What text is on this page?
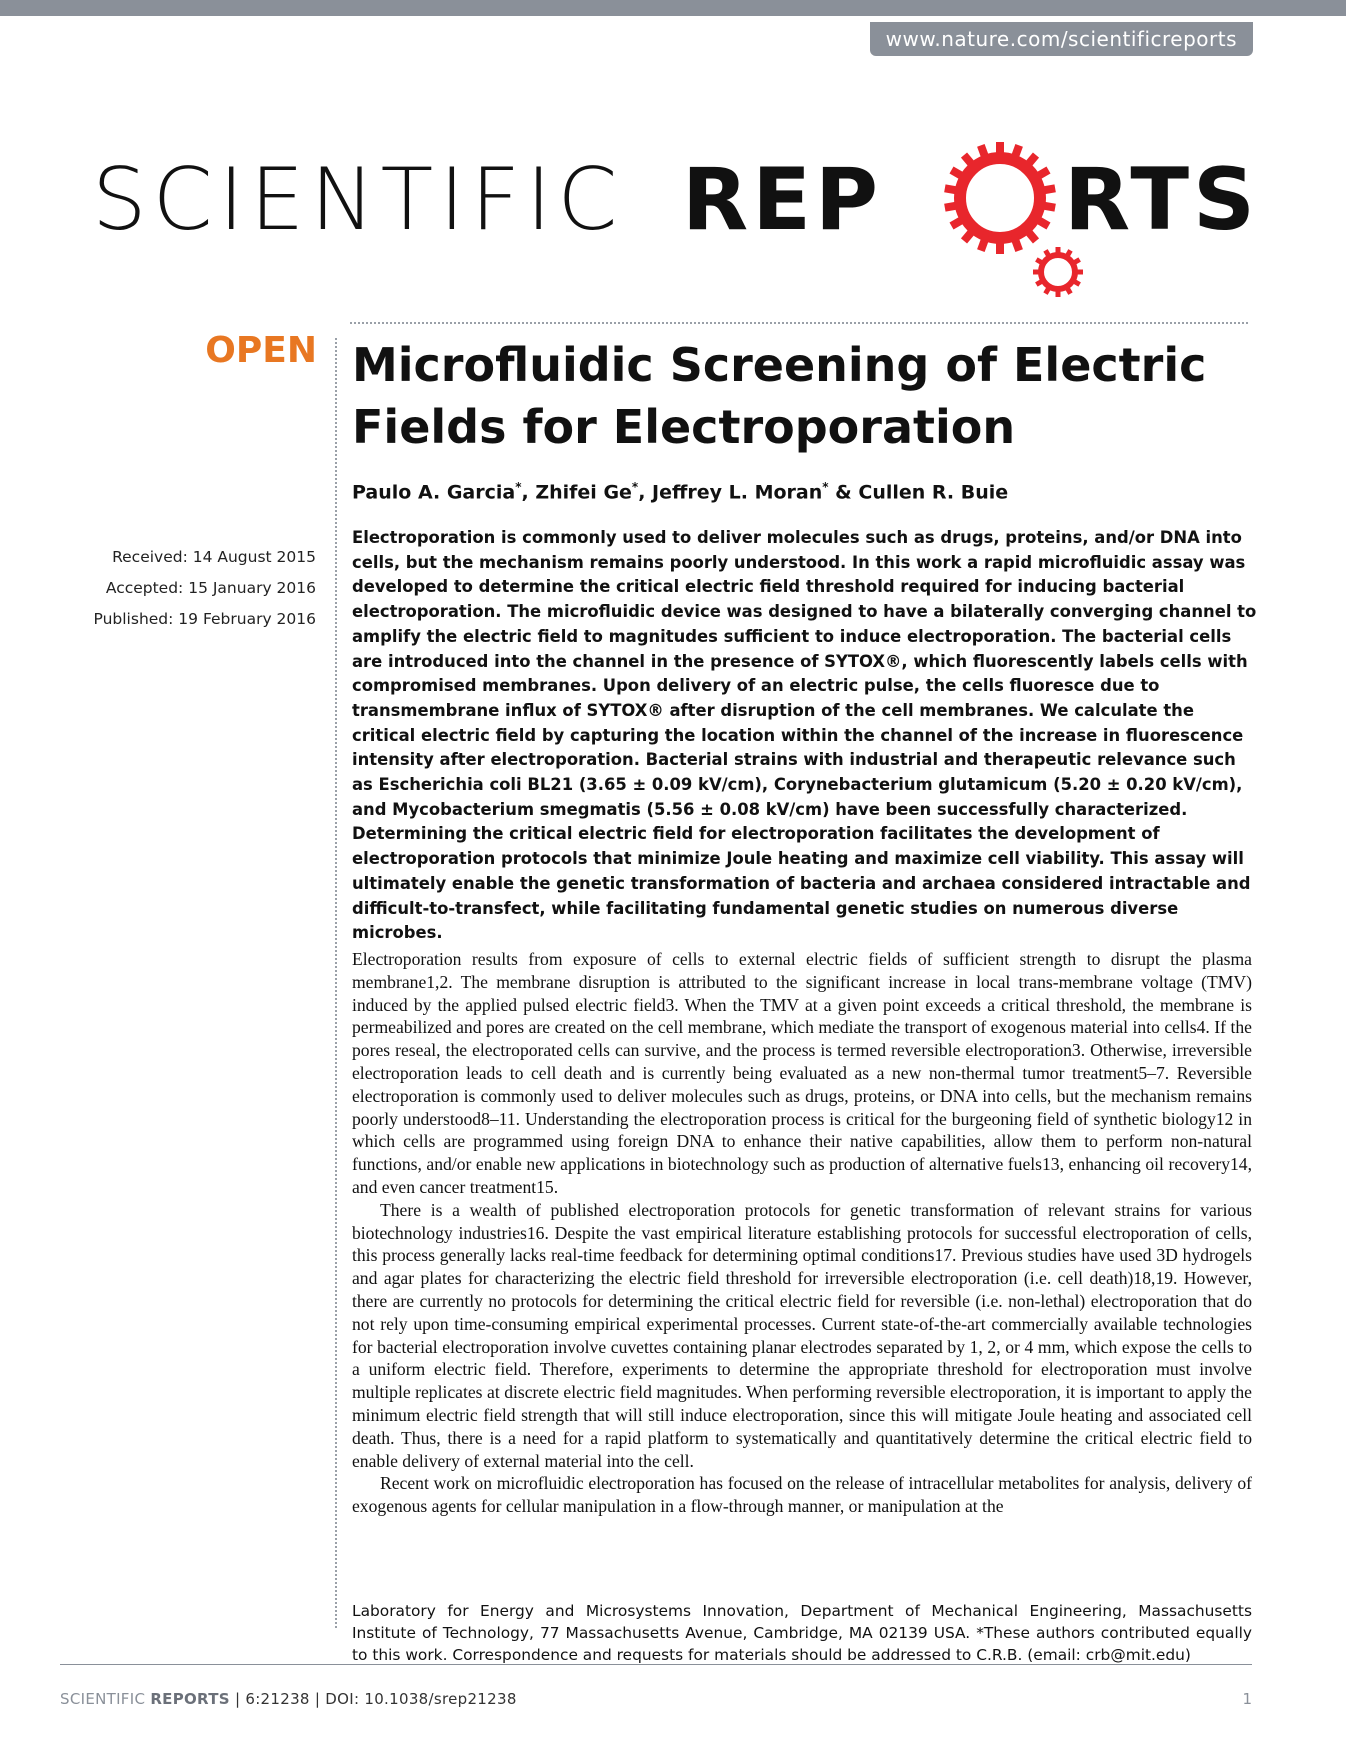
www.nature.com/scientificreports
SCIENTIFIC REP RTS
OPEN Microfluidic Screening of Electric Fields for Electroporation
Paulo A. Garcia*, Zhifei Ge*, Jeffrey L. Moran* & Cullen R. Buie
Received: 14 August 2015
Accepted: 15 January 2016
Published: 19 February 2016

Electroporation is commonly used to deliver molecules such as drugs, proteins, and/or DNA into cells, but the mechanism remains poorly understood. In this work a rapid microfluidic assay was developed to determine the critical electric field threshold required for inducing bacterial electroporation. The microfluidic device was designed to have a bilaterally converging channel to amplify the electric field to magnitudes sufficient to induce electroporation. The bacterial cells are introduced into the channel in the presence of SYTOX®, which fluorescently labels cells with compromised membranes. Upon delivery of an electric pulse, the cells fluoresce due to transmembrane influx of SYTOX® after disruption of the cell membranes. We calculate the critical electric field by capturing the location within the channel of the increase in fluorescence intensity after electroporation. Bacterial strains with industrial and therapeutic relevance such as Escherichia coli BL21 (3.65 ± 0.09 kV/cm), Corynebacterium glutamicum (5.20 ± 0.20 kV/cm), and Mycobacterium smegmatis (5.56 ± 0.08 kV/cm) have been successfully characterized. Determining the critical electric field for electroporation facilitates the development of electroporation protocols that minimize Joule heating and maximize cell viability. This assay will ultimately enable the genetic transformation of bacteria and archaea considered intractable and difficult-to-transfect, while facilitating fundamental genetic studies on numerous diverse microbes.

Electroporation results from exposure of cells to external electric fields of sufficient strength to disrupt the plasma membrane1,2. The membrane disruption is attributed to the significant increase in local trans-membrane voltage (TMV) induced by the applied pulsed electric field3. When the TMV at a given point exceeds a critical threshold, the membrane is permeabilized and pores are created on the cell membrane, which mediate the transport of exogenous material into cells4. If the pores reseal, the electroporated cells can survive, and the process is termed reversible electroporation3. Otherwise, irreversible electroporation leads to cell death and is currently being evaluated as a new non-thermal tumor treatment5–7. Reversible electroporation is commonly used to deliver molecules such as drugs, proteins, or DNA into cells, but the mechanism remains poorly understood8–11. Understanding the electroporation process is critical for the burgeoning field of synthetic biology12 in which cells are programmed using foreign DNA to enhance their native capabilities, allow them to perform non-natural functions, and/or enable new applications in biotechnology such as production of alternative fuels13, enhancing oil recovery14, and even cancer treatment15.

There is a wealth of published electroporation protocols for genetic transformation of relevant strains for various biotechnology industries16. Despite the vast empirical literature establishing protocols for successful electroporation of cells, this process generally lacks real-time feedback for determining optimal conditions17. Previous studies have used 3D hydrogels and agar plates for characterizing the electric field threshold for irreversible electroporation (i.e. cell death)18,19. However, there are currently no protocols for determining the critical electric field for reversible (i.e. non-lethal) electroporation that do not rely upon time-consuming empirical experimental processes. Current state-of-the-art commercially available technologies for bacterial electroporation involve cuvettes containing planar electrodes separated by 1, 2, or 4 mm, which expose the cells to a uniform electric field. Therefore, experiments to determine the appropriate threshold for electroporation must involve multiple replicates at discrete electric field magnitudes. When performing reversible electroporation, it is important to apply the minimum electric field strength that will still induce electroporation, since this will mitigate Joule heating and associated cell death. Thus, there is a need for a rapid platform to systematically and quantitatively determine the critical electric field to enable delivery of external material into the cell.

Recent work on microfluidic electroporation has focused on the release of intracellular metabolites for analysis, delivery of exogenous agents for cellular manipulation in a flow-through manner, or manipulation at the

Laboratory for Energy and Microsystems Innovation, Department of Mechanical Engineering, Massachusetts Institute of Technology, 77 Massachusetts Avenue, Cambridge, MA 02139 USA. *These authors contributed equally to this work. Correspondence and requests for materials should be addressed to C.R.B. (email: crb@mit.edu)

SCIENTIFIC REPORTS | 6:21238 | DOI: 10.1038/srep21238	1
